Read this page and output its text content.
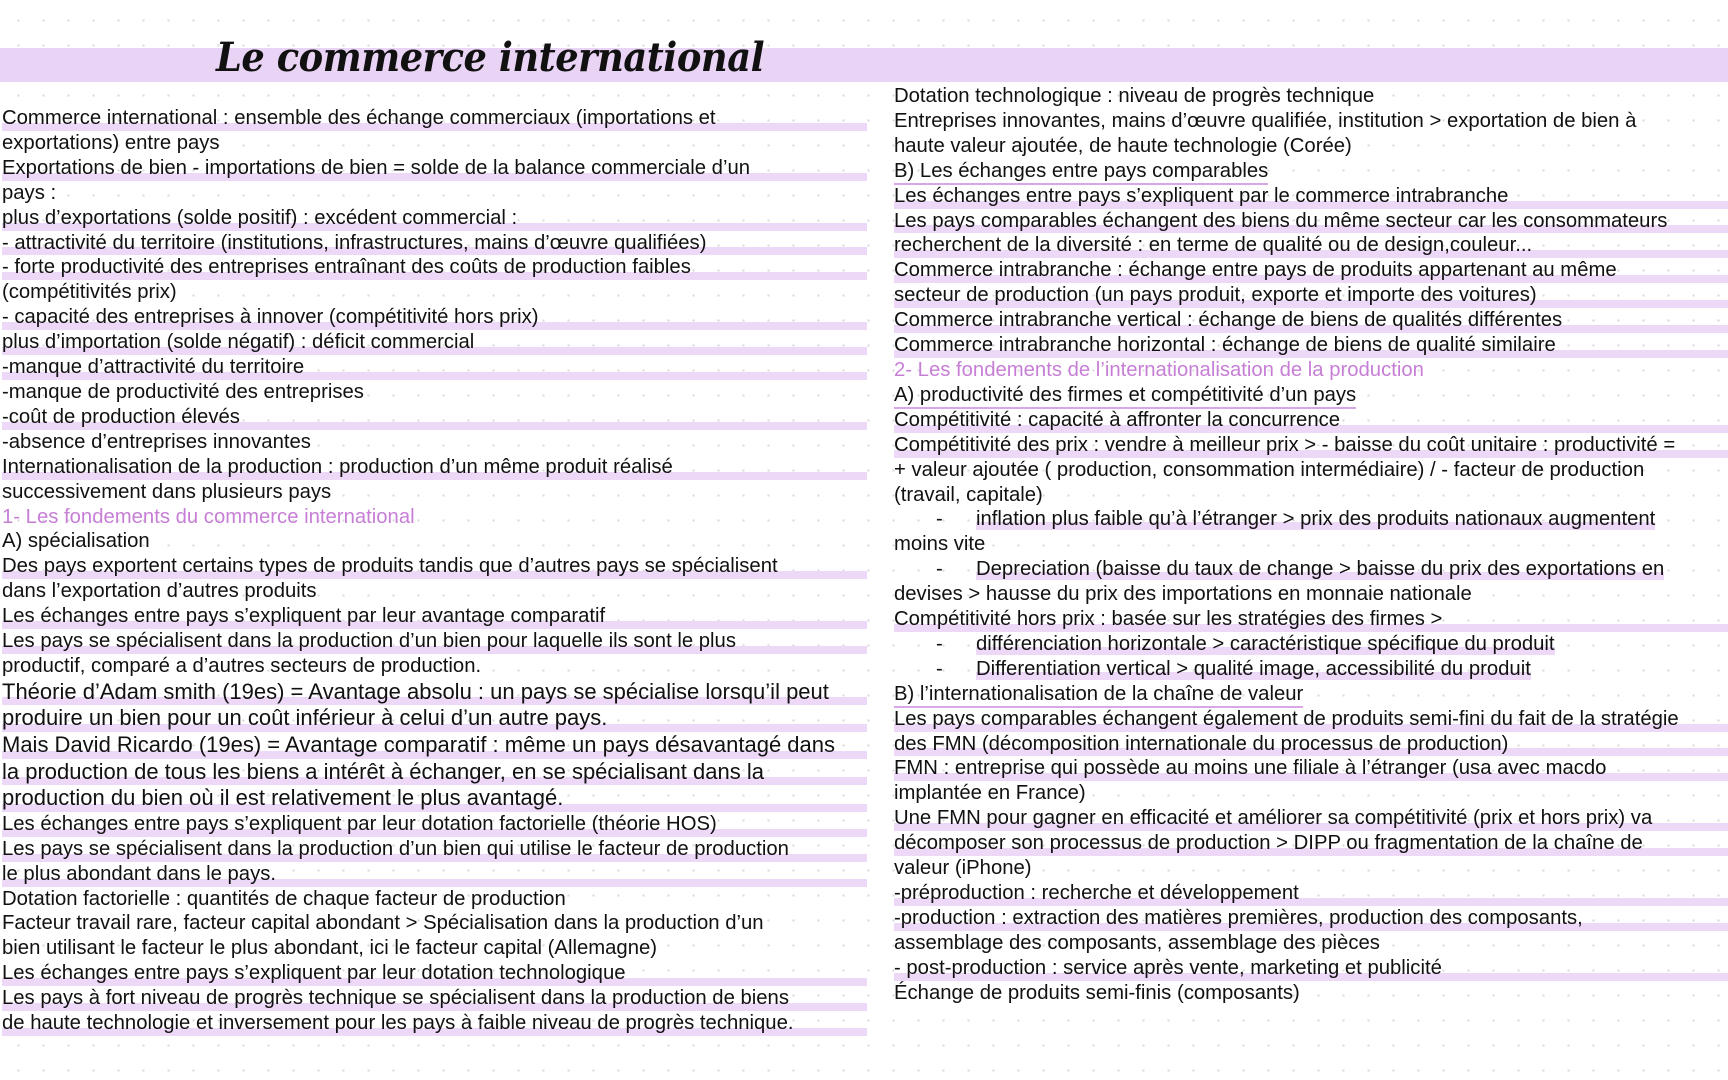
Le commerce international
Commerce international : ensemble des échange commerciaux (importations et
exportations) entre pays
Exportations de bien - importations de bien = solde de la balance commerciale d’un
pays :
plus d’exportations (solde positif) : excédent commercial :
- attractivité du territoire (institutions, infrastructures, mains d’œuvre qualifiées)
- forte productivité des entreprises entraînant des coûts de production faibles
(compétitivités prix)
- capacité des entreprises à innover (compétitivité hors prix)
plus d’importation (solde négatif) : déficit commercial
-manque d’attractivité du territoire
-manque de productivité des entreprises
-coût de production élevés
-absence d’entreprises innovantes
Internationalisation de la production : production d’un même produit réalisé
successivement dans plusieurs pays
1- Les fondements du commerce international
A) spécialisation
Des pays exportent certains types de produits tandis que d’autres pays se spécialisent
dans l’exportation d’autres produits
Les échanges entre pays s’expliquent par leur avantage comparatif
Les pays se spécialisent dans la production d’un bien pour laquelle ils sont le plus
productif, comparé a d’autres secteurs de production.
Théorie d’Adam smith (19es) = Avantage absolu : un pays se spécialise lorsqu’il peut
produire un bien pour un coût inférieur à celui d’un autre pays.
Mais David Ricardo (19es) = Avantage comparatif : même un pays désavantagé dans
la production de tous les biens a intérêt à échanger, en se spécialisant dans la
production du bien où il est relativement le plus avantagé.
Les échanges entre pays s’expliquent par leur dotation factorielle (théorie HOS)
Les pays se spécialisent dans la production d’un bien qui utilise le facteur de production
le plus abondant dans le pays.
Dotation factorielle : quantités de chaque facteur de production
Facteur travail rare, facteur capital abondant > Spécialisation dans la production d’un
bien utilisant le facteur le plus abondant, ici le facteur capital (Allemagne)
Les échanges entre pays s’expliquent par leur dotation technologique
Les pays à fort niveau de progrès technique se spécialisent dans la production de biens
de haute technologie et inversement pour les pays à faible niveau de progrès technique.
Dotation technologique : niveau de progrès technique
Entreprises innovantes, mains d’œuvre qualifiée, institution > exportation de bien à
haute valeur ajoutée, de haute technologie (Corée)
B) Les échanges entre pays comparables
Les échanges entre pays s’expliquent par le commerce intrabranche
Les pays comparables échangent des biens du même secteur car les consommateurs
recherchent de la diversité : en terme de qualité ou de design,couleur...
Commerce intrabranche : échange entre pays de produits appartenant au même
secteur de production (un pays produit, exporte et importe des voitures)
Commerce intrabranche vertical : échange de biens de qualités différentes
Commerce intrabranche horizontal : échange de biens de qualité similaire
2- Les fondements de l’internationalisation de la production
A) productivité des firmes et compétitivité d’un pays
Compétitivité : capacité à affronter la concurrence
Compétitivité des prix : vendre à meilleur prix > - baisse du coût unitaire : productivité =
+ valeur ajoutée ( production, consommation intermédiaire) / - facteur de production
(travail, capitale)
- inflation plus faible qu’à l’étranger > prix des produits nationaux augmentent
moins vite
- Depreciation (baisse du taux de change > baisse du prix des exportations en
devises > hausse du prix des importations en monnaie nationale
Compétitivité hors prix : basée sur les stratégies des firmes >
- différenciation horizontale > caractéristique spécifique du produit
- Differentiation vertical > qualité image, accessibilité du produit
B) l’internationalisation de la chaîne de valeur
Les pays comparables échangent également de produits semi-fini du fait de la stratégie
des FMN (décomposition internationale du processus de production)
FMN : entreprise qui possède au moins une filiale à l’étranger (usa avec macdo
implantée en France)
Une FMN pour gagner en efficacité et améliorer sa compétitivité (prix et hors prix) va
décomposer son processus de production > DIPP ou fragmentation de la chaîne de
valeur (iPhone)
-préproduction : recherche et développement
-production : extraction des matières premières, production des composants,
assemblage des composants, assemblage des pièces
- post-production : service après vente, marketing et publicité
Échange de produits semi-finis (composants)
